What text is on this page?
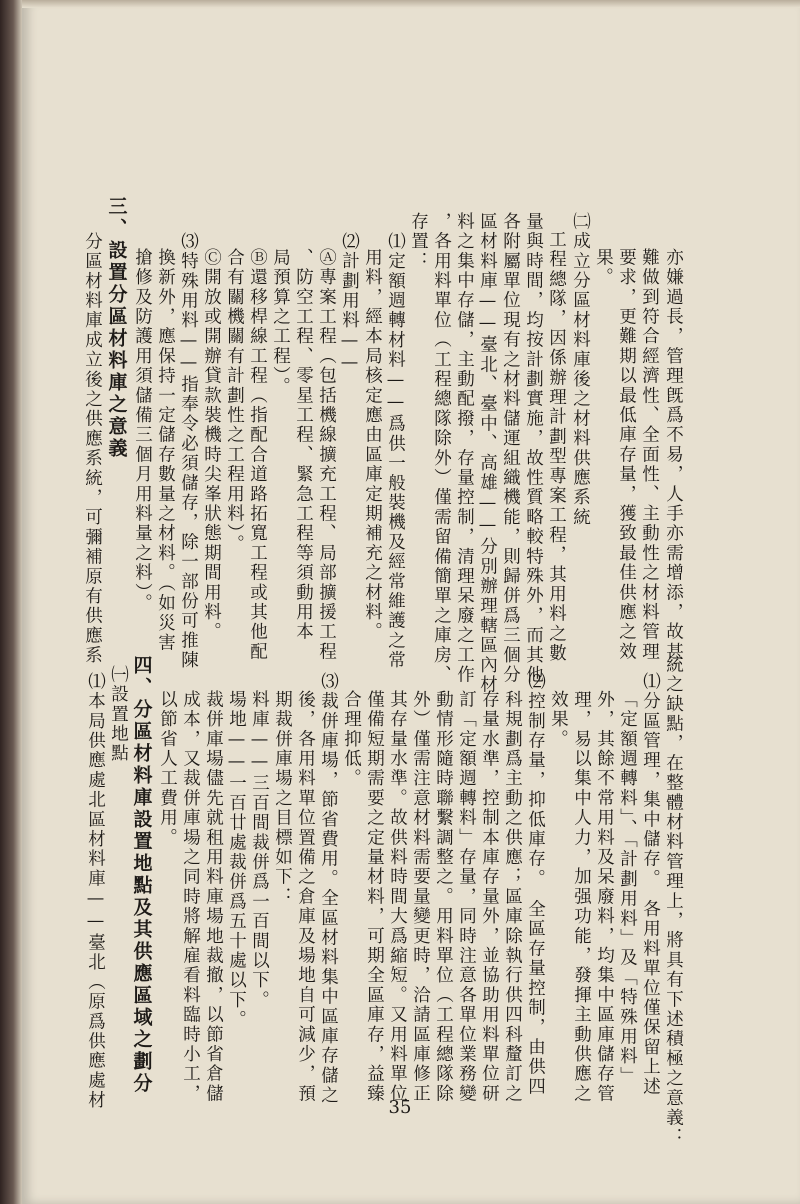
亦嫌過長，管理旣爲不易，人手亦需增添，故甚
難做到符合經濟性、全面性、主動性之材料管理
要求，更難期以最低庫存量，獲致最佳供應之效
果。
㈡成立分區材料庫後之材料供應系統
工程總隊，因係辦理計劃型專案工程，其用料之數
量與時間，均按計劃實施，故性質略較特殊外，而其他
各附屬單位現有之材料儲運組織機能，則歸併爲三個分
區材料庫——臺北、臺中、高雄——分別辦理轄區內材
料之集中存儲，主動配撥，存量控制，清理呆廢之工作
，各用料單位（工程總隊除外）僅需留備簡單之庫房、
存置：
⑴定額週轉材料——爲供一般裝機及經常維護之常
用料，經本局核定應由區庫定期補充之材料。
⑵計劃用料——
Ⓐ專案工程（包括機線擴充工程、局部擴援工程
、防空工程、零星工程、緊急工程等須動用本
局預算之工程）。
Ⓑ還移桿線工程（指配合道路拓寬工程或其他配
合有關機關有計劃性之工程用料）。
Ⓒ開放或開辦貸款裝機時尖峯狀態期間用料。
⑶特殊用料——指奉令必須儲存，除一部份可推陳
換新外，應保持一定儲存數量之材料。（如災害
搶修及防護用須儲備三個月用料量之料）。
三、設置分區材料庫之意義
分區材料庫成立後之供應系統，可彌補原有供應系
統之缺點，在整體材料管理上，將具有下述積極之意義：
⑴分區管理，集中儲存。　各用料單位僅保留上述
「定額週轉料」、「計劃用料」及「特殊用料」
外，其餘不常用料及呆廢料，均集中區庫儲存管
理，易以集中人力，加强功能，發揮主動供應之
效果。
⑵控制存量，抑低庫存。　全區存量控制，由供四
科規劃爲主動之供應；區庫除執行供四科釐訂之
存量水準，控制本庫存量外，並協助用料單位研
訂「定額週轉料」存量，同時注意各單位業務變
動情形隨時聯繫調整之。用料單位（工程總隊除
外）僅需注意材料需要量變更時，洽請區庫修正
其存量水準。故供料時間大爲縮短。又用料單位
僅備短期需要之定量材料，可期全區庫存，益臻
合理抑低。
⑶裁併庫場，節省費用。全區材料集中區庫存儲之
後，各用料單位置備之倉庫及場地自可減少，預
期裁併庫場之目標如下：
料庫——三百間裁併爲一百間以下。
場地——一百廿處裁併爲五十處以下。
裁併庫場儘先就租用料庫場地裁撤，以節省倉儲
成本，又裁併庫場之同時將解雇看料臨時小工，
以節省人工費用。
四、分區材料庫設置地點及其供應區域之劃分
㈠設置地點
⑴本局供應處北區材料庫——臺北（原爲供應處材	35
